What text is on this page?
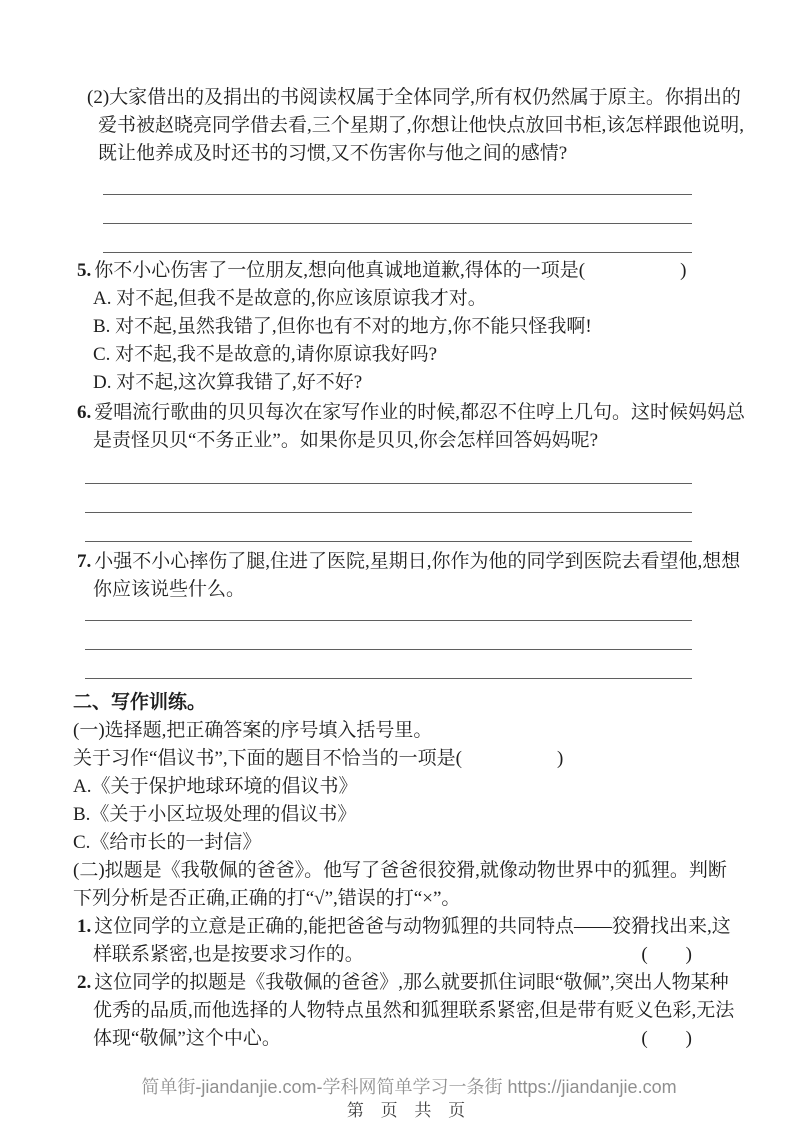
(2)大家借出的及捐出的书阅读权属于全体同学,所有权仍然属于原主。你捐出的爱书被赵晓亮同学借去看,三个星期了,你想让他快点放回书柜,该怎样跟他说明,既让他养成及时还书的习惯,又不伤害你与他之间的感情?

5. 你不小心伤害了一位朋友,想向他真诚地道歉,得体的一项是(　　　　　)

A. 对不起,但我不是故意的,你应该原谅我才对。

B. 对不起,虽然我错了,但你也有不对的地方,你不能只怪我啊!

C. 对不起,我不是故意的,请你原谅我好吗?

D. 对不起,这次算我错了,好不好?

6. 爱唱流行歌曲的贝贝每次在家写作业的时候,都忍不住哼上几句。这时候妈妈总是责怪贝贝“不务正业”。如果你是贝贝,你会怎样回答妈妈呢?

7. 小强不小心摔伤了腿,住进了医院,星期日,你作为他的同学到医院去看望他,想想你应该说些什么。

二、写作训练。

(一)选择题,把正确答案的序号填入括号里。

关于习作“倡议书”,下面的题目不恰当的一项是(　　　　　)

A.《关于保护地球环境的倡议书》

B.《关于小区垃圾处理的倡议书》

C.《给市长的一封信》

(二)拟题是《我敬佩的爸爸》。他写了爸爸很狡猾,就像动物世界中的狐狸。判断下列分析是否正确,正确的打“√”,错误的打“×”。

1. 这位同学的立意是正确的,能把爸爸与动物狐狸的共同特点——狡猾找出来,这样联系紧密,也是按要求习作的。	(　　)
2. 这位同学的拟题是《我敬佩的爸爸》,那么就要抓住词眼“敬佩”,突出人物某种优秀的品质,而他选择的人物特点虽然和狐狸联系紧密,但是带有贬义色彩,无法体现“敬佩”这个中心。	(　　)
简单街-jiandanjie.com-学科网简单学习一条街 https://jiandanjie.com
第 页 共 页
